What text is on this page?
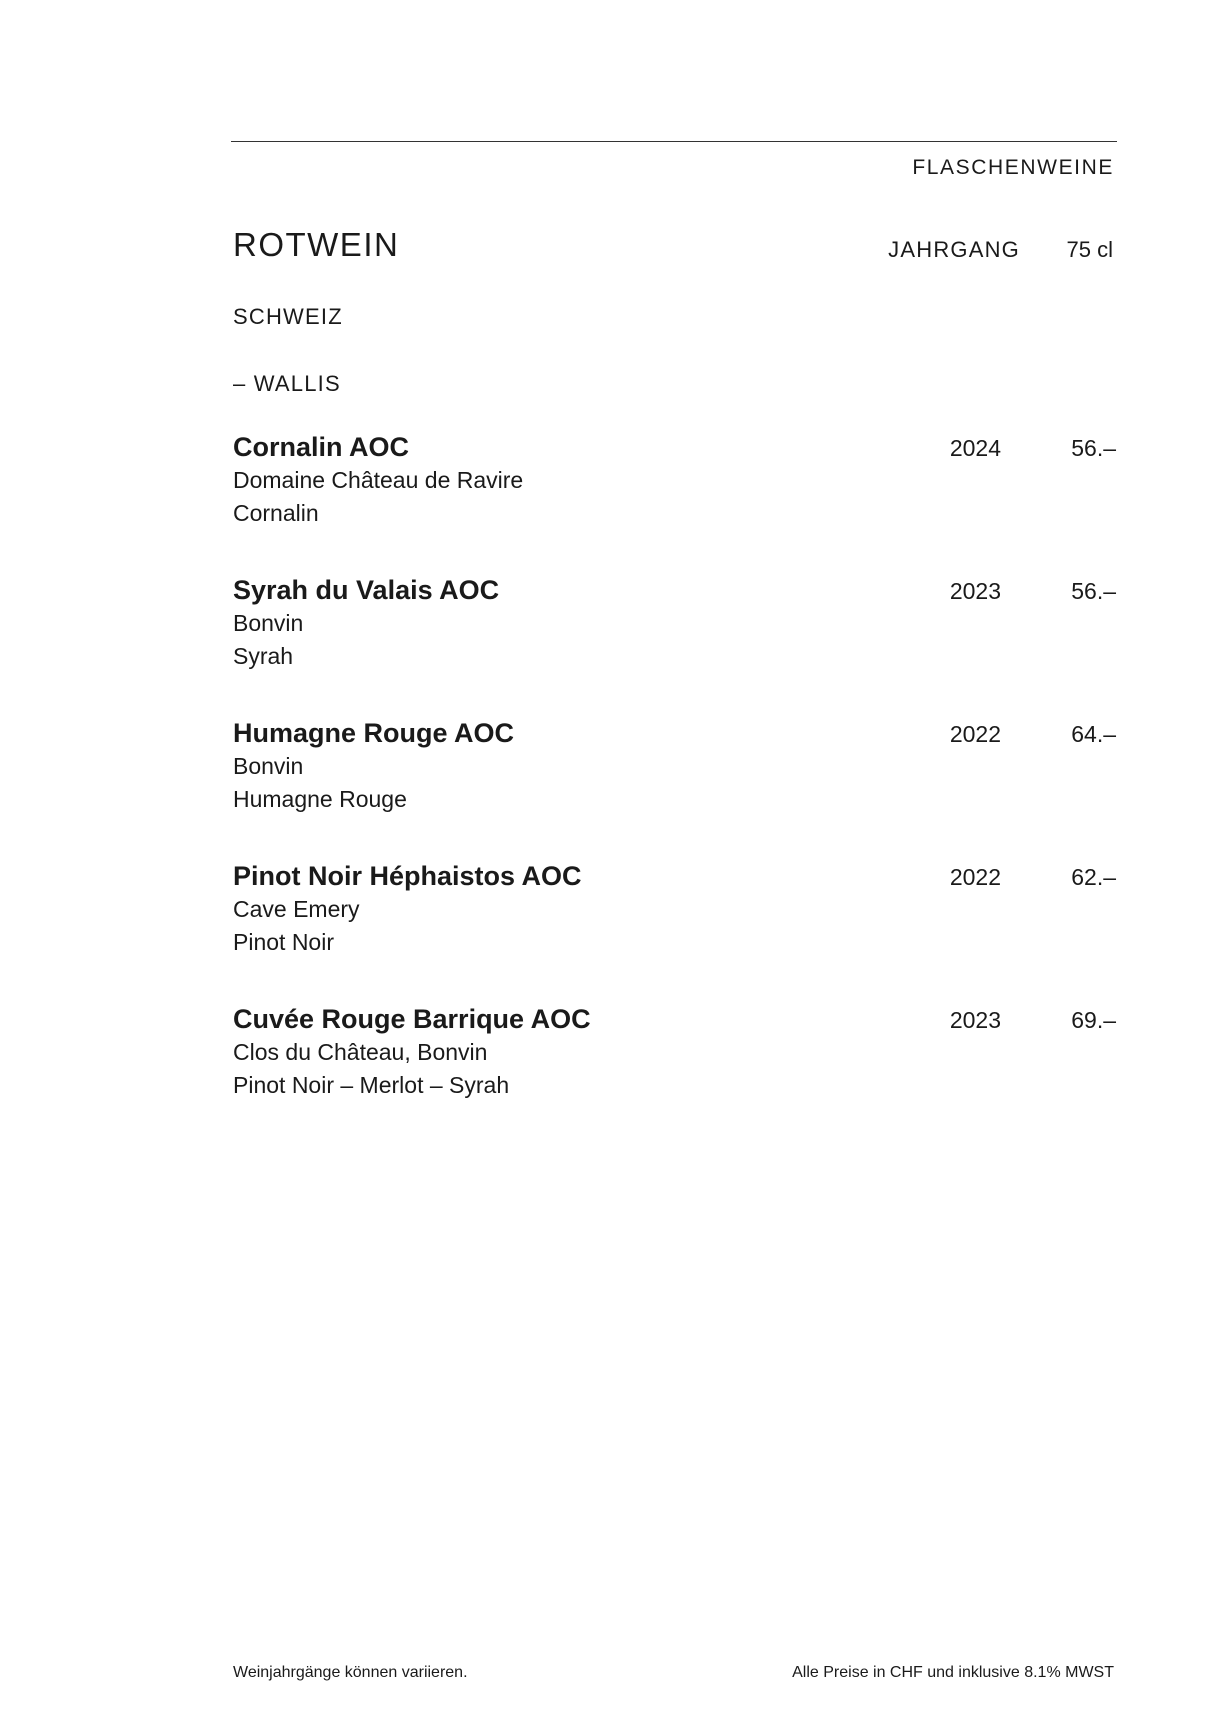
FLASCHENWEINE
ROTWEIN	JAHRGANG 75 cl
SCHWEIZ
– WALLIS
Cornalin AOC	2024	56.–
Domaine Château de Ravire
Cornalin
Syrah du Valais AOC	2023	56.–
Bonvin
Syrah
Humagne Rouge AOC	2022	64.–
Bonvin
Humagne Rouge
Pinot Noir Héphaistos AOC	2022	62.–
Cave Emery
Pinot Noir
Cuvée Rouge Barrique AOC	2023	69.–
Clos du Château, Bonvin
Pinot Noir – Merlot – Syrah
Weinjahrgänge können variieren.	Alle Preise in CHF und inklusive 8.1% MWST
